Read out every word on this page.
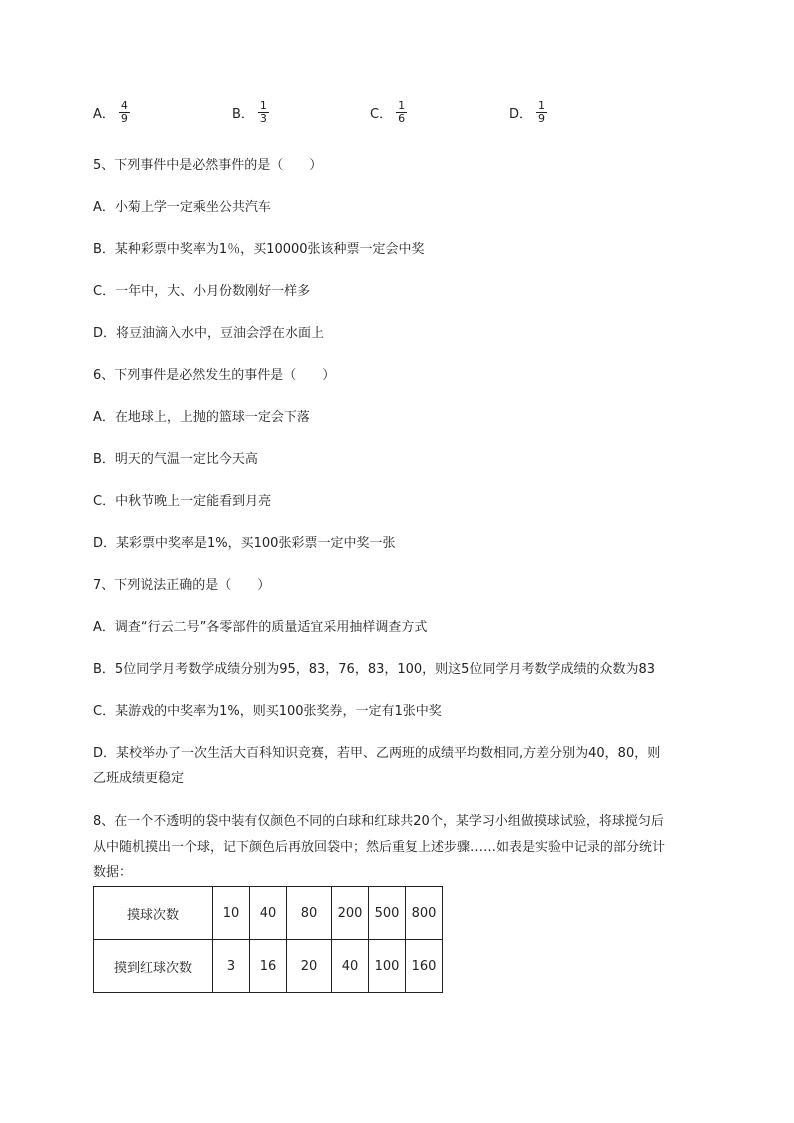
A． $\frac{4}{9}$	B． $\frac{1}{3}$	C． $\frac{1}{6}$	D． $\frac{1}{9}$
5、下列事件中是必然事件的是（　　）
A．小菊上学一定乘坐公共汽车
B．某种彩票中奖率为1％，买10000张该种票一定会中奖
C．一年中，大、小月份数刚好一样多
D．将豆油滴入水中，豆油会浮在水面上
6、下列事件是必然发生的事件是（　　）
A．在地球上，上抛的篮球一定会下落
B．明天的气温一定比今天高
C．中秋节晚上一定能看到月亮
D．某彩票中奖率是1%，买100张彩票一定中奖一张
7、下列说法正确的是（　　）
A．调查“行云二号”各零部件的质量适宜采用抽样调查方式
B．5位同学月考数学成绩分别为95，83，76，83，100，则这5位同学月考数学成绩的众数为83
C．某游戏的中奖率为1%，则买100张奖券，一定有1张中奖
D．某校举办了一次生活大百科知识竞赛，若甲、乙两班的成绩平均数相同,方差分别为40，80，则
乙班成绩更稳定
8、在一个不透明的袋中装有仅颜色不同的白球和红球共20个，某学习小组做摸球试验，将球搅匀后
从中随机摸出一个球，记下颜色后再放回袋中；然后重复上述步骤……如表是实验中记录的部分统计
数据：
摸球次数	10	40	80	200	500	800
摸到红球次数	3	16	20	40	100	160
